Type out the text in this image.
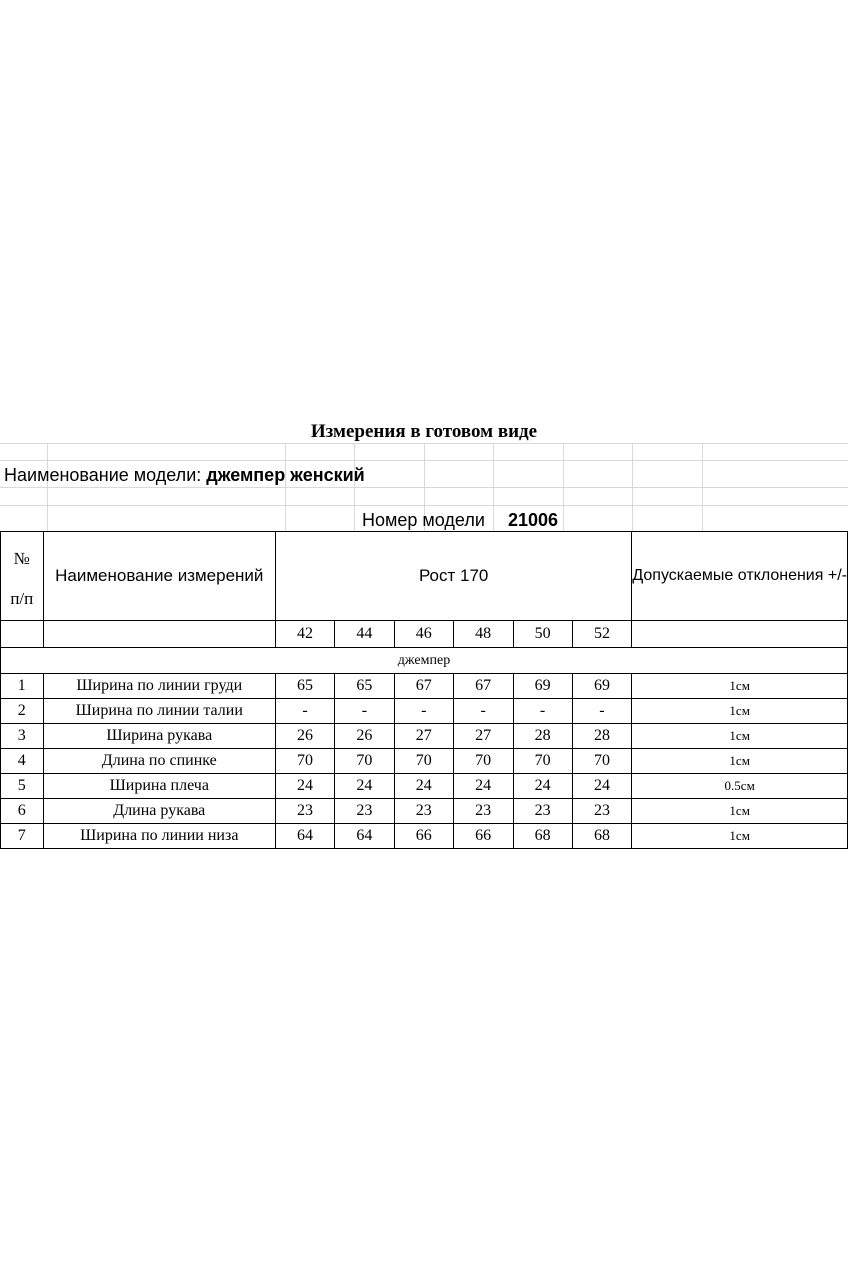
Измерения в готовом виде
Наименование модели: джемпер женский
Номер модели 21006
№
п/п	Наименование измерений	Рост 170						Допускаемые отклонения +/-
		42	44	46	48	50	52	
джемпер								
1	Ширина по линии груди	65	65	67	67	69	69	1см
2	Ширина по линии талии	-	-	-	-	-	-	1см
3	Ширина рукава	26	26	27	27	28	28	1см
4	Длина по спинке	70	70	70	70	70	70	1см
5	Ширина плеча	24	24	24	24	24	24	0.5см
6	Длина рукава	23	23	23	23	23	23	1см
7	Ширина по линии низа	64	64	66	66	68	68	1см
